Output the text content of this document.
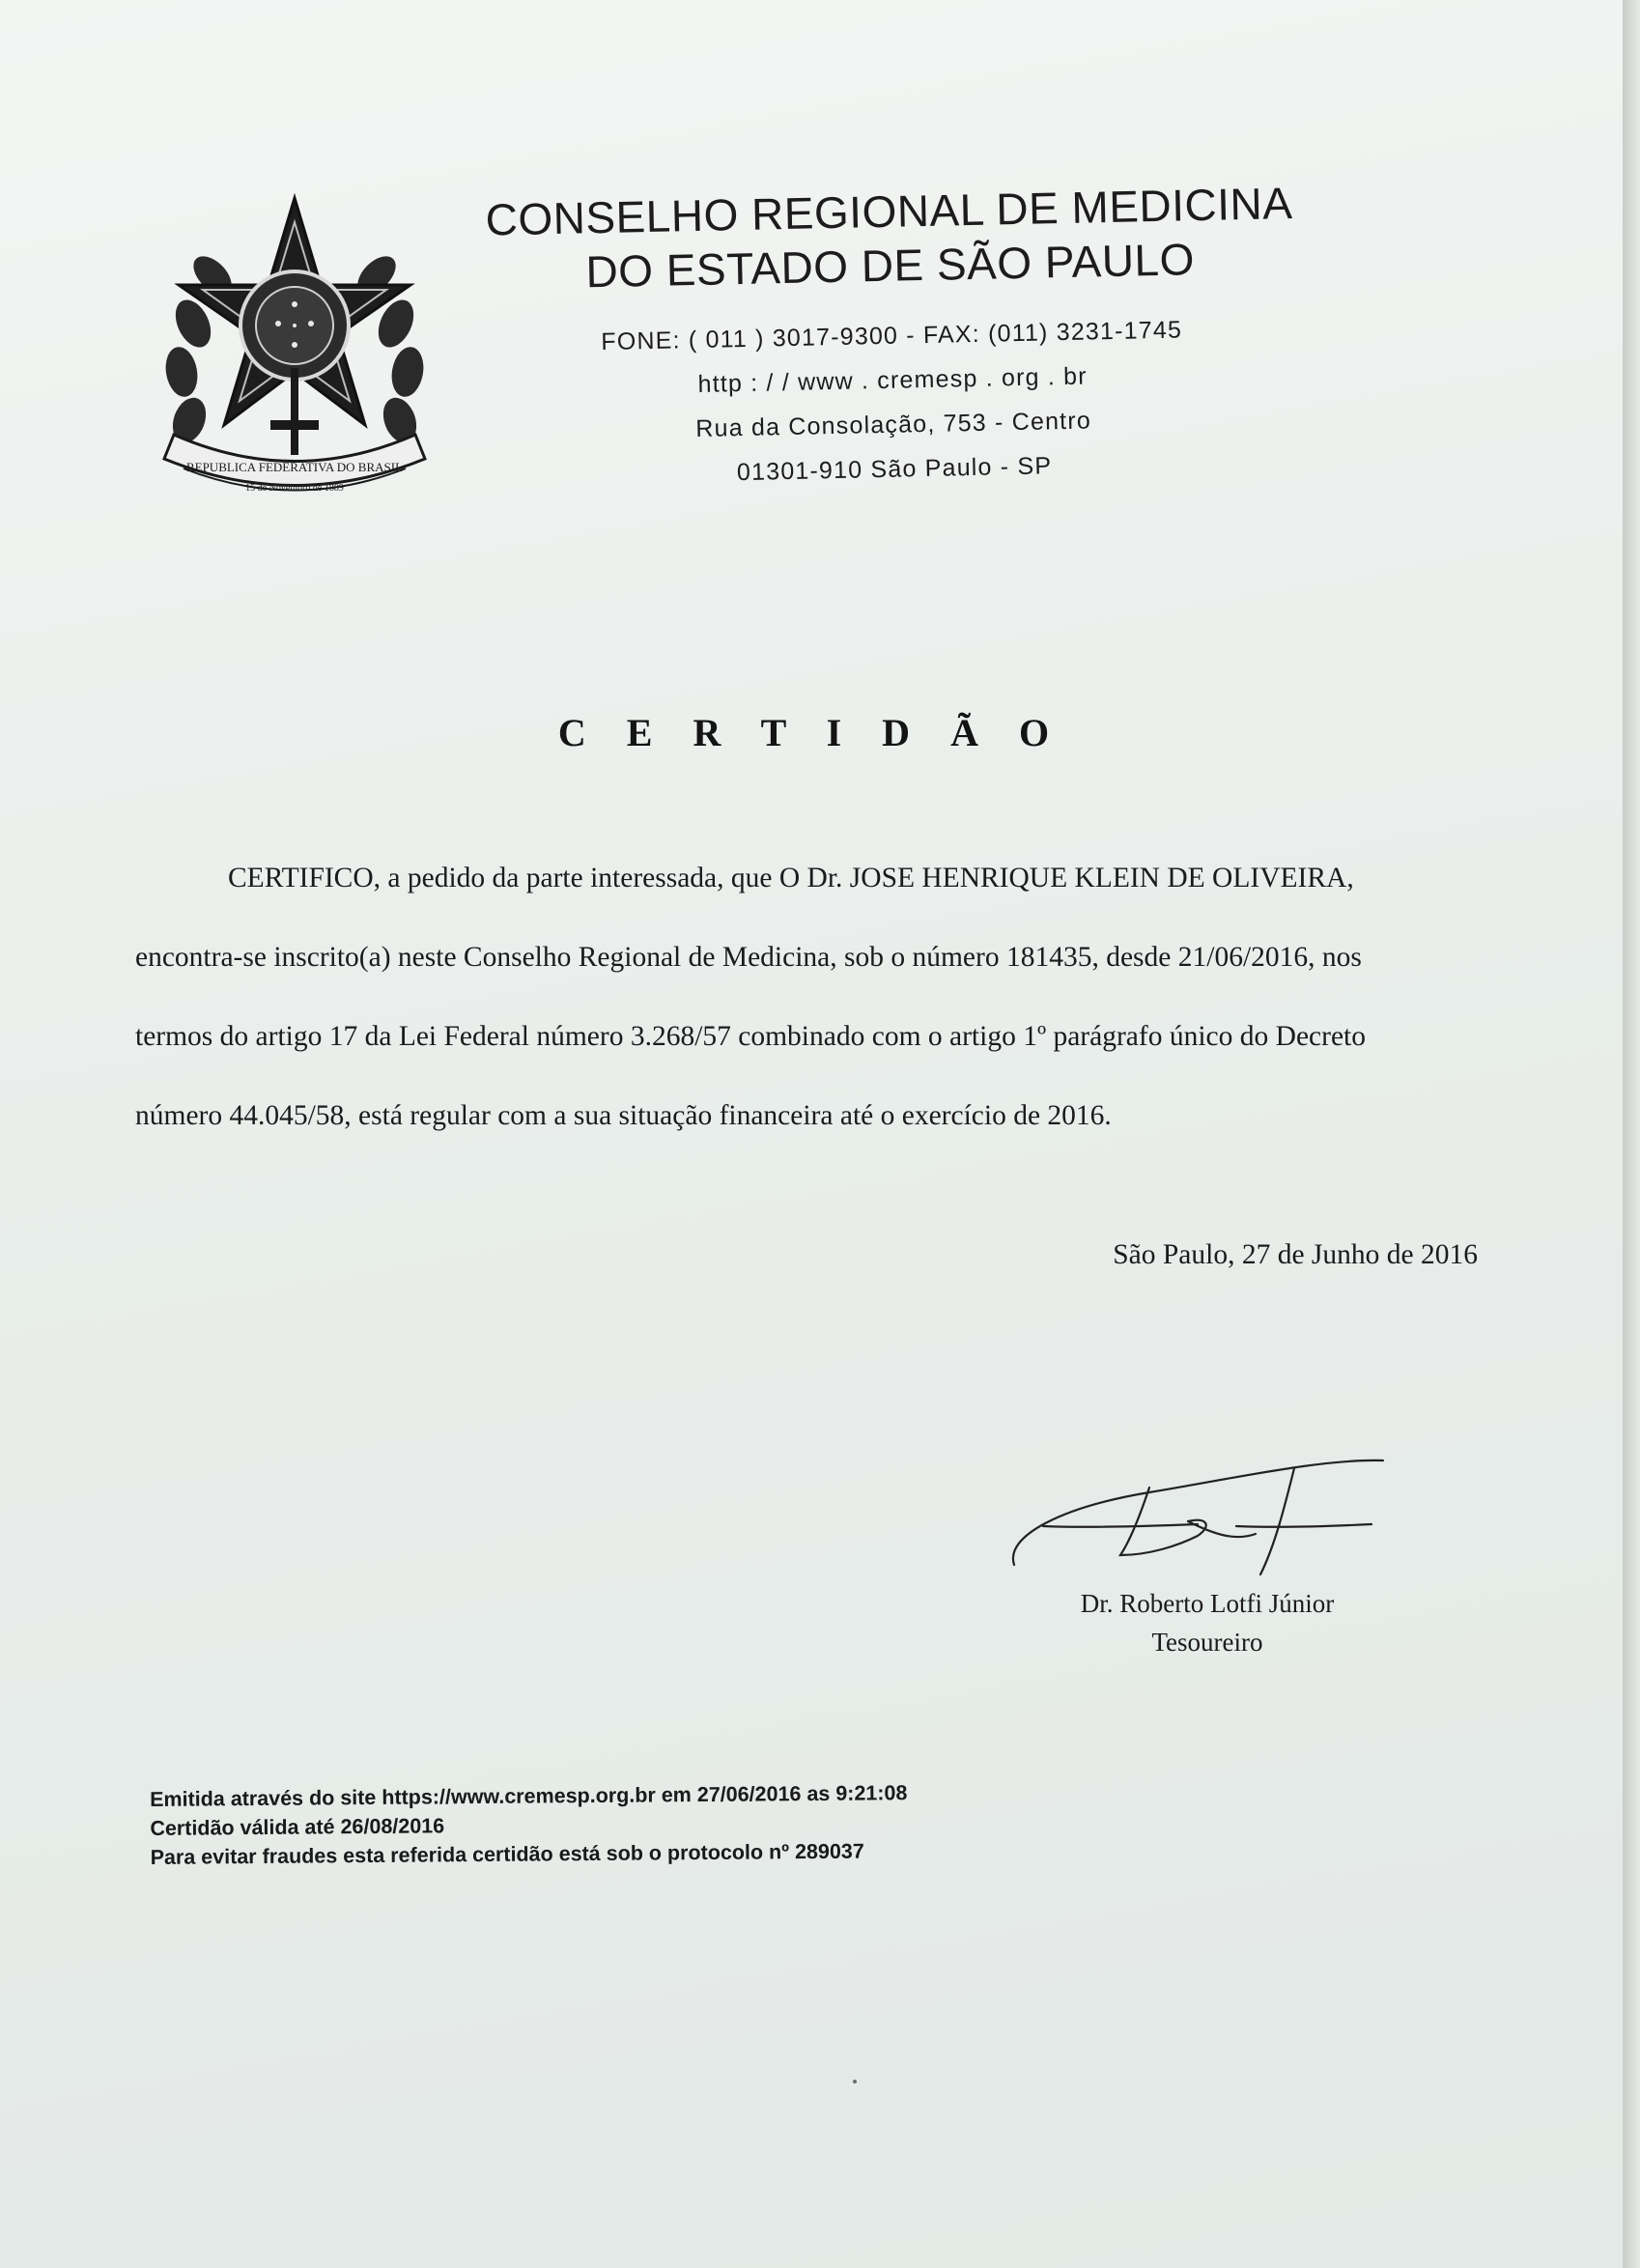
REPUBLICA FEDERATIVA DO BRASIL
15 de Novembro de 1889
CONSELHO REGIONAL DE MEDICINA
DO ESTADO DE SÃO PAULO
FONE: ( 011 ) 3017-9300 - FAX: (011) 3231-1745
http : / / www . cremesp . org . br
Rua da Consolação, 753 - Centro
01301-910 São Paulo - SP
C E R T I D Ã O
CERTIFICO, a pedido da parte interessada, que O Dr. JOSE HENRIQUE KLEIN DE OLIVEIRA,
encontra-se inscrito(a) neste Conselho Regional de Medicina, sob o número 181435, desde 21/06/2016, nos
termos do artigo 17 da Lei Federal número 3.268/57 combinado com o artigo 1º parágrafo único do Decreto
número 44.045/58, está regular com a sua situação financeira até o exercício de 2016.
São Paulo, 27 de Junho de 2016
Dr. Roberto Lotfi Júnior
Tesoureiro
Emitida através do site https://www.cremesp.org.br em 27/06/2016 as 9:21:08
Certidão válida até 26/08/2016
Para evitar fraudes esta referida certidão está sob o protocolo nº 289037
